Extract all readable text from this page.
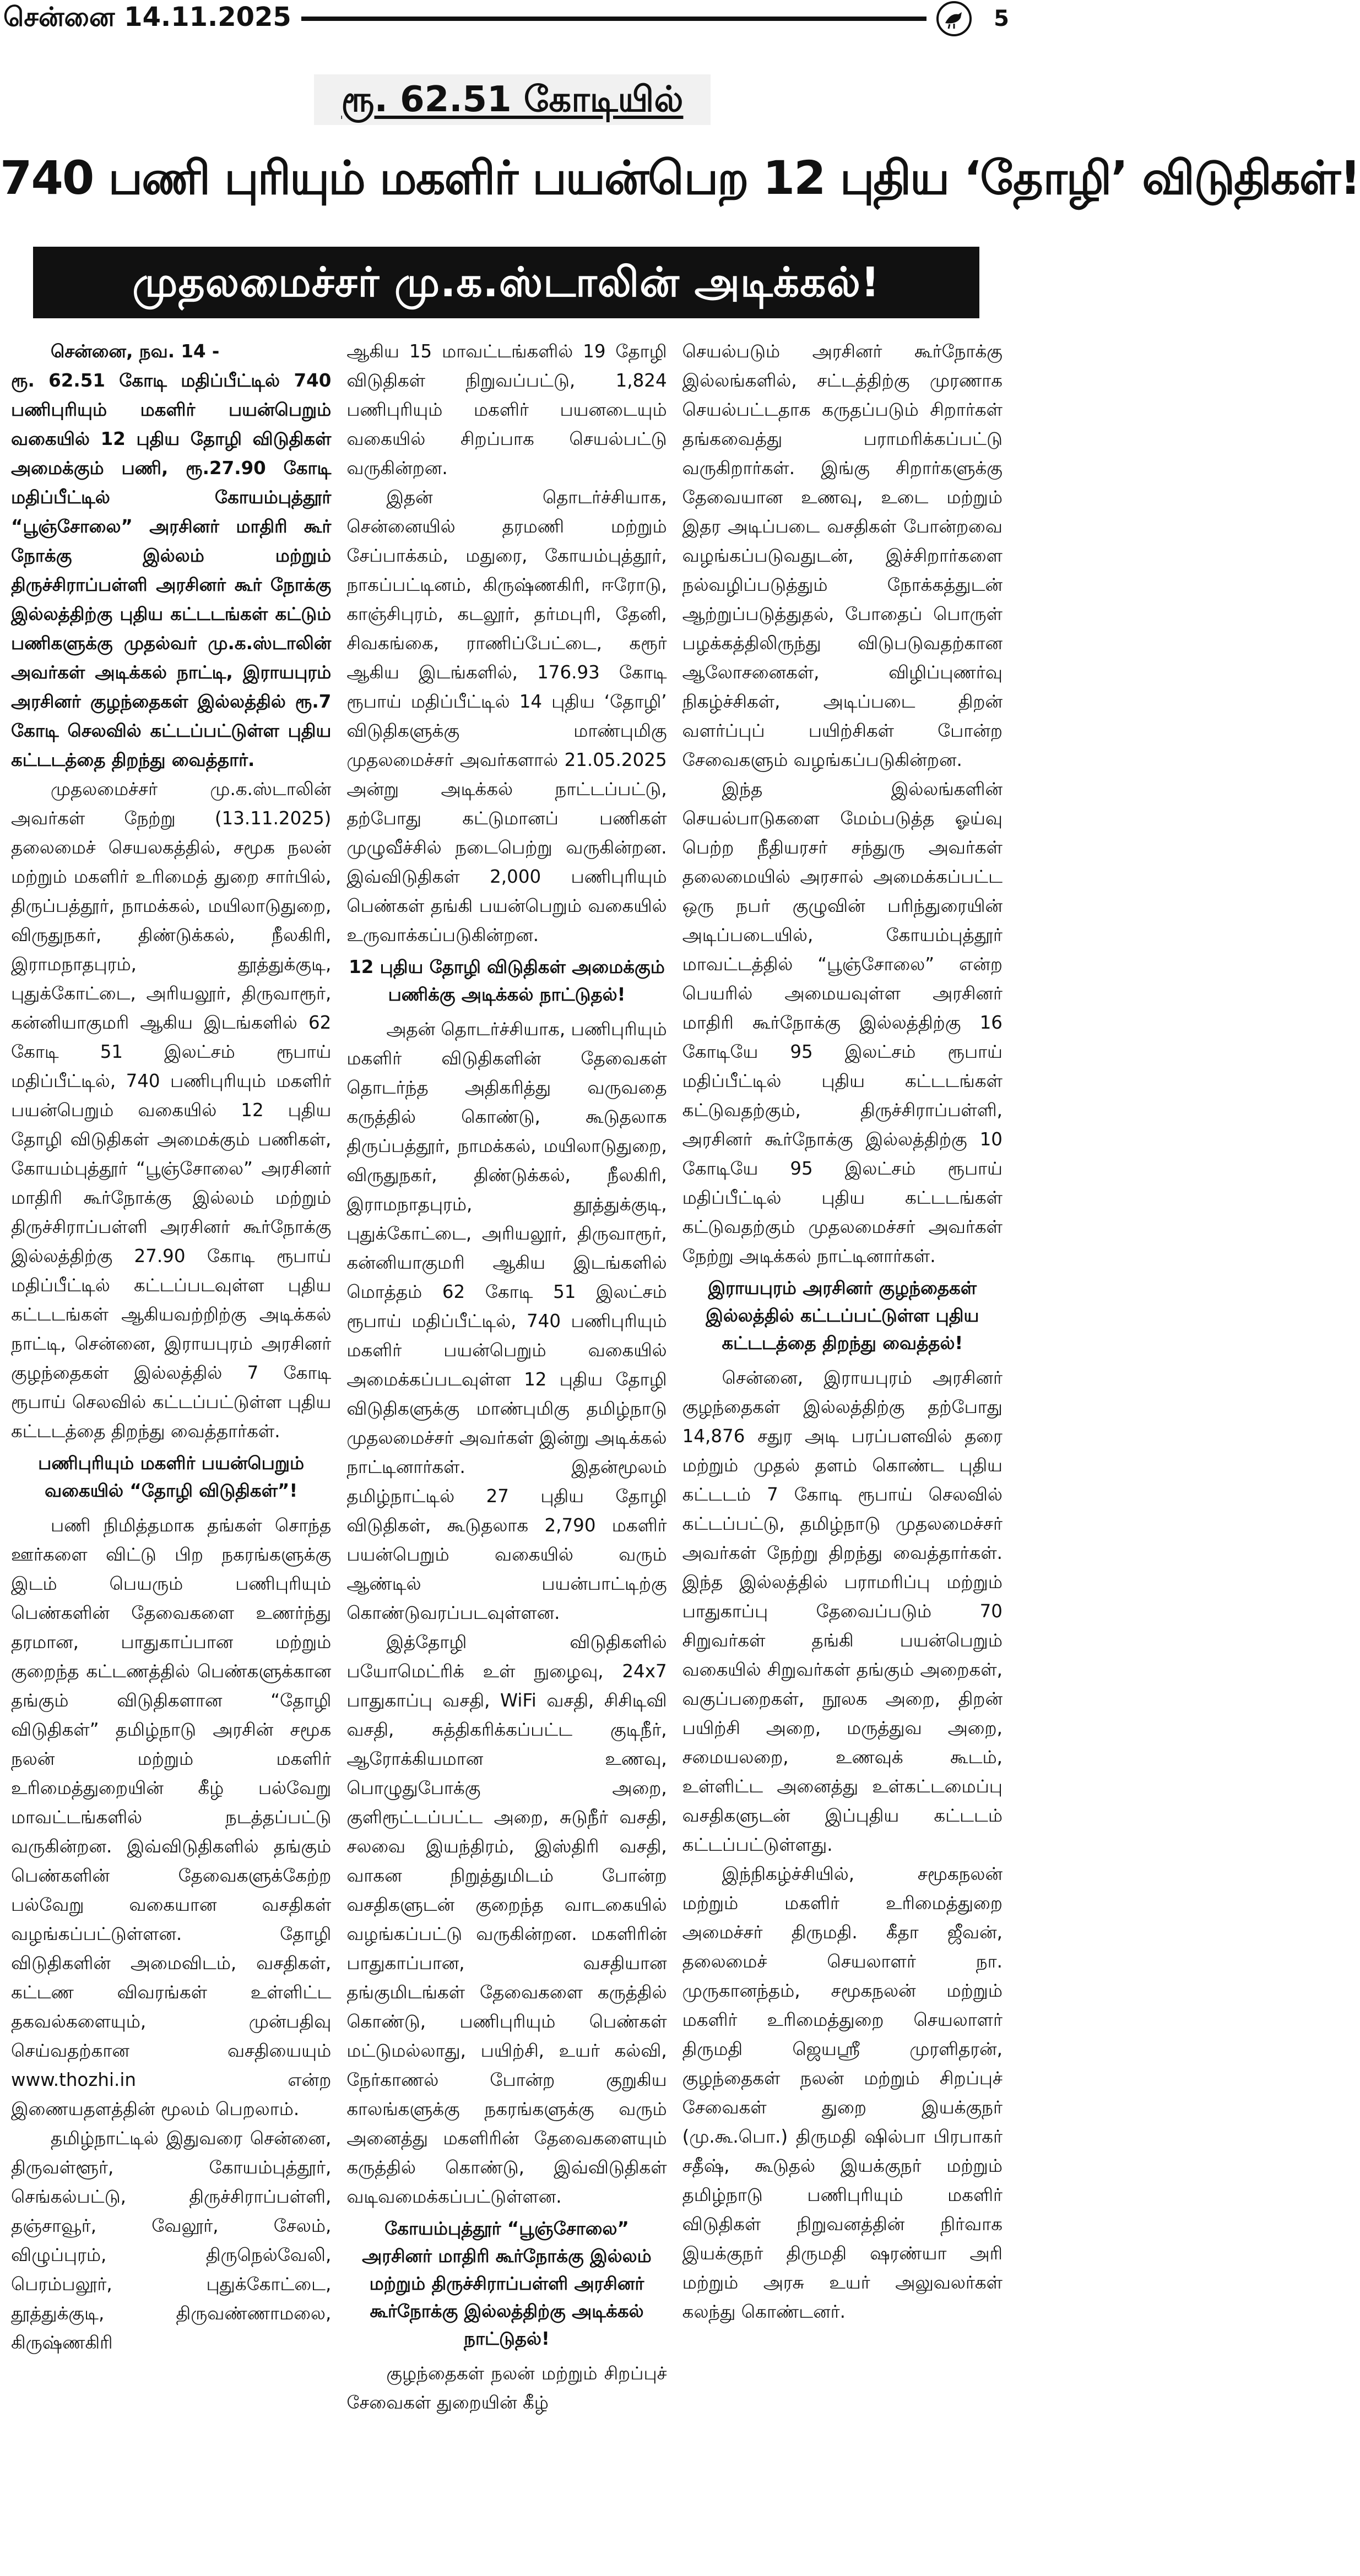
சென்னை 14.11.2025	5
ரூ. 62.51 கோடியில்
740 பணி புரியும் மகளிர் பயன்பெற 12 புதிய ‘தோழி’ விடுதிகள்!
முதலமைச்சர் மு.க.ஸ்டாலின் அடிக்கல்!

சென்னை, நவ. 14 -

ரூ. 62.51 கோடி மதிப்பீட்டில் 740 பணிபுரியும் மகளிர் பயன்பெறும் வகையில் 12 புதிய தோழி விடுதிகள் அமைக்கும் பணி, ரூ.27.90 கோடி மதிப்பீட்டில் கோயம்புத்தூர் “பூஞ்சோலை” அரசினர் மாதிரி கூர் நோக்கு இல்லம் மற்றும் திருச்சிராப்பள்ளி அரசினர் கூர் நோக்கு இல்லத்திற்கு புதிய கட்டடங்கள் கட்டும் பணிகளுக்கு முதல்வர் மு.க.ஸ்டாலின் அவர்கள் அடிக்கல் நாட்டி, இராயபுரம் அரசினர் குழந்தைகள் இல்லத்தில் ரூ.7 கோடி செலவில் கட்டப்பட்டுள்ள புதிய கட்டடத்தை திறந்து வைத்தார்.

முதலமைச்சர் மு.க.ஸ்டாலின் அவர்கள் நேற்று (13.11.2025) தலைமைச் செயலகத்தில், சமூக நலன் மற்றும் மகளிர் உரிமைத் துறை சார்பில், திருப்பத்தூர், நாமக்கல், மயிலாடுதுறை, விருதுநகர், திண்டுக்கல், நீலகிரி, இராமநாதபுரம், தூத்துக்குடி, புதுக்கோட்டை, அரியலூர், திருவாரூர், கன்னியாகுமரி ஆகிய இடங்களில் 62 கோடி 51 இலட்சம் ரூபாய் மதிப்பீட்டில், 740 பணிபுரியும் மகளிர் பயன்பெறும் வகையில் 12 புதிய தோழி விடுதிகள் அமைக்கும் பணிகள், கோயம்புத்தூர் “பூஞ்சோலை” அரசினர் மாதிரி கூர்நோக்கு இல்லம் மற்றும் திருச்சிராப்பள்ளி அரசினர் கூர்நோக்கு இல்லத்திற்கு 27.90 கோடி ரூபாய் மதிப்பீட்டில் கட்டப்படவுள்ள புதிய கட்டடங்கள் ஆகியவற்றிற்கு அடிக்கல் நாட்டி, சென்னை, இராயபுரம் அரசினர் குழந்தைகள் இல்லத்தில் 7 கோடி ரூபாய் செலவில் கட்டப்பட்டுள்ள புதிய கட்டடத்தை திறந்து வைத்தார்கள்.

பணிபுரியும் மகளிர் பயன்பெறும் வகையில் “தோழி விடுதிகள்”!

பணி நிமித்தமாக தங்கள் சொந்த ஊர்களை விட்டு பிற நகரங்களுக்கு இடம் பெயரும் பணிபுரியும் பெண்களின் தேவைகளை உணர்ந்து தரமான, பாதுகாப்பான மற்றும் குறைந்த கட்டணத்தில் பெண்களுக்கான தங்கும் விடுதிகளான “தோழி விடுதிகள்” தமிழ்நாடு அரசின் சமூக நலன் மற்றும் மகளிர் உரிமைத்துறையின் கீழ் பல்வேறு மாவட்டங்களில் நடத்தப்பட்டு வருகின்றன. இவ்விடுதிகளில் தங்கும் பெண்களின் தேவைகளுக்கேற்ற பல்வேறு வகையான வசதிகள் வழங்கப்பட்டுள்ளன. தோழி விடுதிகளின் அமைவிடம், வசதிகள், கட்டண விவரங்கள் உள்ளிட்ட தகவல்களையும், முன்பதிவு செய்வதற்கான வசதியையும் www.thozhi.in என்ற இணையதளத்தின் மூலம் பெறலாம்.

தமிழ்நாட்டில் இதுவரை சென்னை, திருவள்ளூர், கோயம்புத்தூர், செங்கல்பட்டு, திருச்சிராப்பள்ளி, தஞ்சாவூர், வேலூர், சேலம், விழுப்புரம், திருநெல்வேலி, பெரம்பலூர், புதுக்கோட்டை, தூத்துக்குடி, திருவண்ணாமலை, கிருஷ்ணகிரி

ஆகிய 15 மாவட்டங்களில் 19 தோழி விடுதிகள் நிறுவப்பட்டு, 1,824 பணிபுரியும் மகளிர் பயனடையும் வகையில் சிறப்பாக செயல்பட்டு வருகின்றன.

இதன் தொடர்ச்சியாக, சென்னையில் தரமணி மற்றும் சேப்பாக்கம், மதுரை, கோயம்புத்தூர், நாகப்பட்டினம், கிருஷ்ணகிரி, ஈரோடு, காஞ்சிபுரம், கடலூர், தர்மபுரி, தேனி, சிவகங்கை, ராணிப்பேட்டை, கரூர் ஆகிய இடங்களில், 176.93 கோடி ரூபாய் மதிப்பீட்டில் 14 புதிய ‘தோழி’ விடுதிகளுக்கு மாண்புமிகு முதலமைச்சர் அவர்களால் 21.05.2025 அன்று அடிக்கல் நாட்டப்பட்டு, தற்போது கட்டுமானப் பணிகள் முழுவீச்சில் நடைபெற்று வருகின்றன. இவ்விடுதிகள் 2,000 பணிபுரியும் பெண்கள் தங்கி பயன்பெறும் வகையில் உருவாக்கப்படுகின்றன.

12 புதிய தோழி விடுதிகள் அமைக்கும் பணிக்கு அடிக்கல் நாட்டுதல்!

அதன் தொடர்ச்சியாக, பணிபுரியும் மகளிர் விடுதிகளின் தேவைகள் தொடர்ந்த அதிகரித்து வருவதை கருத்தில் கொண்டு, கூடுதலாக திருப்பத்தூர், நாமக்கல், மயிலாடுதுறை, விருதுநகர், திண்டுக்கல், நீலகிரி, இராமநாதபுரம், தூத்துக்குடி, புதுக்கோட்டை, அரியலூர், திருவாரூர், கன்னியாகுமரி ஆகிய இடங்களில் மொத்தம் 62 கோடி 51 இலட்சம் ரூபாய் மதிப்பீட்டில், 740 பணிபுரியும் மகளிர் பயன்பெறும் வகையில் அமைக்கப்படவுள்ள 12 புதிய தோழி விடுதிகளுக்கு மாண்புமிகு தமிழ்நாடு முதலமைச்சர் அவர்கள் இன்று அடிக்கல் நாட்டினார்கள். இதன்மூலம் தமிழ்நாட்டில் 27 புதிய தோழி விடுதிகள், கூடுதலாக 2,790 மகளிர் பயன்பெறும் வகையில் வரும் ஆண்டில் பயன்பாட்டிற்கு கொண்டுவரப்படவுள்ளன.

இத்தோழி விடுதிகளில் பயோமெட்ரிக் உள் நுழைவு, 24x7 பாதுகாப்பு வசதி, WiFi வசதி, சிசிடிவி வசதி, சுத்திகரிக்கப்பட்ட குடிநீர், ஆரோக்கியமான உணவு, பொழுதுபோக்கு அறை, குளிரூட்டப்பட்ட அறை, சுடுநீர் வசதி, சலவை இயந்திரம், இஸ்திரி வசதி, வாகன நிறுத்துமிடம் போன்ற வசதிகளுடன் குறைந்த வாடகையில் வழங்கப்பட்டு வருகின்றன. மகளிரின் பாதுகாப்பான, வசதியான தங்குமிடங்கள் தேவைகளை கருத்தில் கொண்டு, பணிபுரியும் பெண்கள் மட்டுமல்லாது, பயிற்சி, உயர் கல்வி, நேர்காணல் போன்ற குறுகிய காலங்களுக்கு நகரங்களுக்கு வரும் அனைத்து மகளிரின் தேவைகளையும் கருத்தில் கொண்டு, இவ்விடுதிகள் வடிவமைக்கப்பட்டுள்ளன.

கோயம்புத்தூர் “பூஞ்சோலை” அரசினர் மாதிரி கூர்நோக்கு இல்லம் மற்றும் திருச்சிராப்பள்ளி அரசினர் கூர்நோக்கு இல்லத்திற்கு அடிக்கல் நாட்டுதல்!

குழந்தைகள் நலன் மற்றும் சிறப்புச் சேவைகள் துறையின் கீழ்

செயல்படும் அரசினர் கூர்நோக்கு இல்லங்களில், சட்டத்திற்கு முரணாக செயல்பட்டதாக கருதப்படும் சிறார்கள் தங்கவைத்து பராமரிக்கப்பட்டு வருகிறார்கள். இங்கு சிறார்களுக்கு தேவையான உணவு, உடை மற்றும் இதர அடிப்படை வசதிகள் போன்றவை வழங்கப்படுவதுடன், இச்சிறார்களை நல்வழிப்படுத்தும் நோக்கத்துடன் ஆற்றுப்படுத்துதல், போதைப் பொருள் பழக்கத்திலிருந்து விடுபடுவதற்கான ஆலோசனைகள், விழிப்புணர்வு நிகழ்ச்சிகள், அடிப்படை திறன் வளர்ப்புப் பயிற்சிகள் போன்ற சேவைகளும் வழங்கப்படுகின்றன.

இந்த இல்லங்களின் செயல்பாடுகளை மேம்படுத்த ஓய்வு பெற்ற நீதியரசர் சந்துரு அவர்கள் தலைமையில் அரசால் அமைக்கப்பட்ட ஒரு நபர் குழுவின் பரிந்துரையின் அடிப்படையில், கோயம்புத்தூர் மாவட்டத்தில் “பூஞ்சோலை” என்ற பெயரில் அமையவுள்ள அரசினர் மாதிரி கூர்நோக்கு இல்லத்திற்கு 16 கோடியே 95 இலட்சம் ரூபாய் மதிப்பீட்டில் புதிய கட்டடங்கள் கட்டுவதற்கும், திருச்சிராப்பள்ளி, அரசினர் கூர்நோக்கு இல்லத்திற்கு 10 கோடியே 95 இலட்சம் ரூபாய் மதிப்பீட்டில் புதிய கட்டடங்கள் கட்டுவதற்கும் முதலமைச்சர் அவர்கள் நேற்று அடிக்கல் நாட்டினார்கள்.

இராயபுரம் அரசினர் குழந்தைகள் இல்லத்தில் கட்டப்பட்டுள்ள புதிய கட்டடத்தை திறந்து வைத்தல்!

சென்னை, இராயபுரம் அரசினர் குழந்தைகள் இல்லத்திற்கு தற்போது 14,876 சதுர அடி பரப்பளவில் தரை மற்றும் முதல் தளம் கொண்ட புதிய கட்டடம் 7 கோடி ரூபாய் செலவில் கட்டப்பட்டு, தமிழ்நாடு முதலமைச்சர் அவர்கள் நேற்று திறந்து வைத்தார்கள். இந்த இல்லத்தில் பராமரிப்பு மற்றும் பாதுகாப்பு தேவைப்படும் 70 சிறுவர்கள் தங்கி பயன்பெறும் வகையில் சிறுவர்கள் தங்கும் அறைகள், வகுப்பறைகள், நூலக அறை, திறன் பயிற்சி அறை, மருத்துவ அறை, சமையலறை, உணவுக் கூடம், உள்ளிட்ட அனைத்து உள்கட்டமைப்பு வசதிகளுடன் இப்புதிய கட்டடம் கட்டப்பட்டுள்ளது.

இந்நிகழ்ச்சியில், சமூகநலன் மற்றும் மகளிர் உரிமைத்துறை அமைச்சர் திருமதி. கீதா ஜீவன், தலைமைச் செயலாளர் நா. முருகானந்தம், சமூகநலன் மற்றும் மகளிர் உரிமைத்துறை செயலாளர் திருமதி ஜெயஸ்ரீ முரளிதரன், குழந்தைகள் நலன் மற்றும் சிறப்புச் சேவைகள் துறை இயக்குநர் (மு.கூ.பொ.) திருமதி ஷில்பா பிரபாகர் சதீஷ், கூடுதல் இயக்குநர் மற்றும் தமிழ்நாடு பணிபுரியும் மகளிர் விடுதிகள் நிறுவனத்தின் நிர்வாக இயக்குநர் திருமதி ஷரண்யா அரி மற்றும் அரசு உயர் அலுவலர்கள் கலந்து கொண்டனர்.
